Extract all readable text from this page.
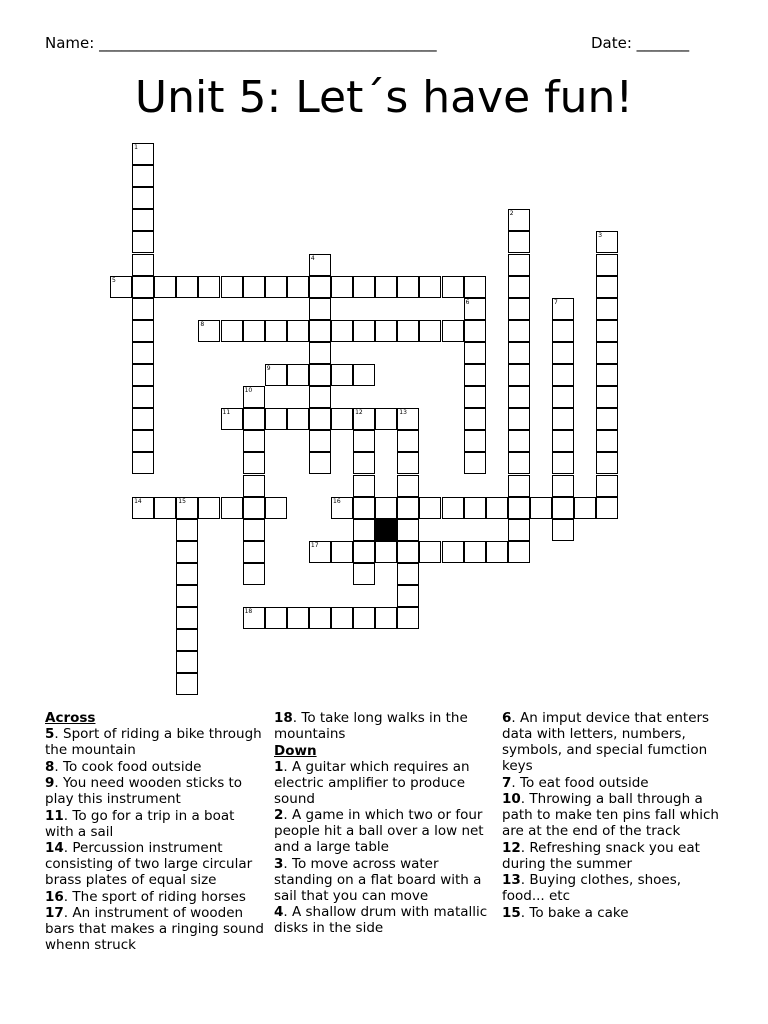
Name: _____________________________________________	Date: _______
Unit 5: Let´s have fun!
1
2
3
4
5
6	7
8
9
10
11	12	13
14	15	16
17
18

Across

5. Sport of riding a bike through the mountain

8. To cook food outside

9. You need wooden sticks to play this instrument

11. To go for a trip in a boat with a sail

14. Percussion instrument consisting of two large circular brass plates of equal size

16. The sport of riding horses

17. An instrument of wooden bars that makes a ringing sound whenn struck

18. To take long walks in the mountains

Down

1. A guitar which requires an electric amplifier to produce sound

2. A game in which two or four people hit a ball over a low net and a large table

3. To move across water standing on a flat board with a sail that you can move

4. A shallow drum with matallic disks in the side

6. An imput device that enters data with letters, numbers, symbols, and special fumction keys

7. To eat food outside

10. Throwing a ball through a path to make ten pins fall which are at the end of the track

12. Refreshing snack you eat during the summer

13. Buying clothes, shoes, food... etc

15. To bake a cake
